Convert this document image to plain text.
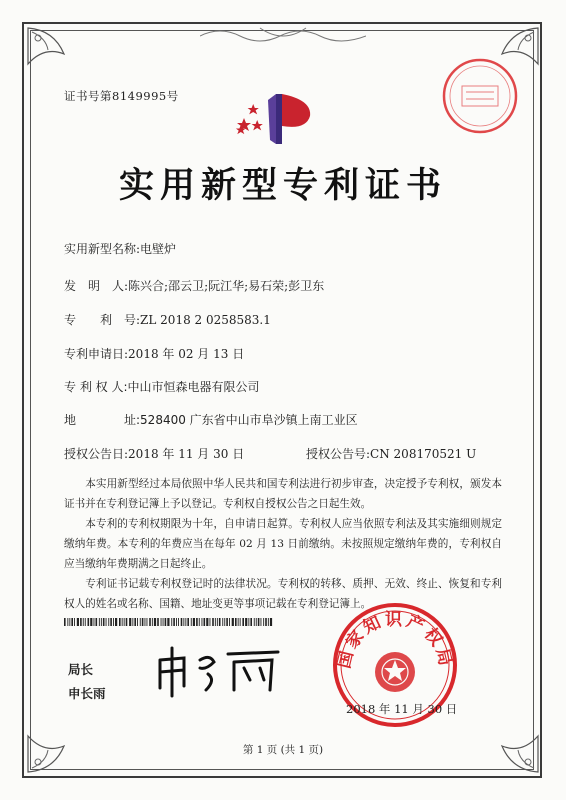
证书号第8149995号
实用新型专利证书
实用新型名称:电壁炉
发　明　人:陈兴合;邵云卫;阮江华;易石荣;彭卫东
专　　利　号:ZL 2018 2 0258583.1
专利申请日:2018 年 02 月 13 日
专 利 权 人:中山市恒森电器有限公司
地　　　　址:528400 广东省中山市阜沙镇上南工业区
授权公告日:2018 年 11 月 30 日	授权公告号:CN 208170521 U

本实用新型经过本局依照中华人民共和国专利法进行初步审查，决定授予专利权，颁发本证书并在专利登记簿上予以登记。专利权自授权公告之日起生效。

本专利的专利权期限为十年，自申请日起算。专利权人应当依照专利法及其实施细则规定缴纳年费。本专利的年费应当在每年 02 月 13 日前缴纳。未按照规定缴纳年费的，专利权自应当缴纳年费期满之日起终止。

专利证书记载专利权登记时的法律状况。专利权的转移、质押、无效、终止、恢复和专利权人的姓名或名称、国籍、地址变更等事项记载在专利登记簿上。

局长
申长雨
国家知识产权局
2018 年 11 月 30 日
第 1 页 (共 1 页)
